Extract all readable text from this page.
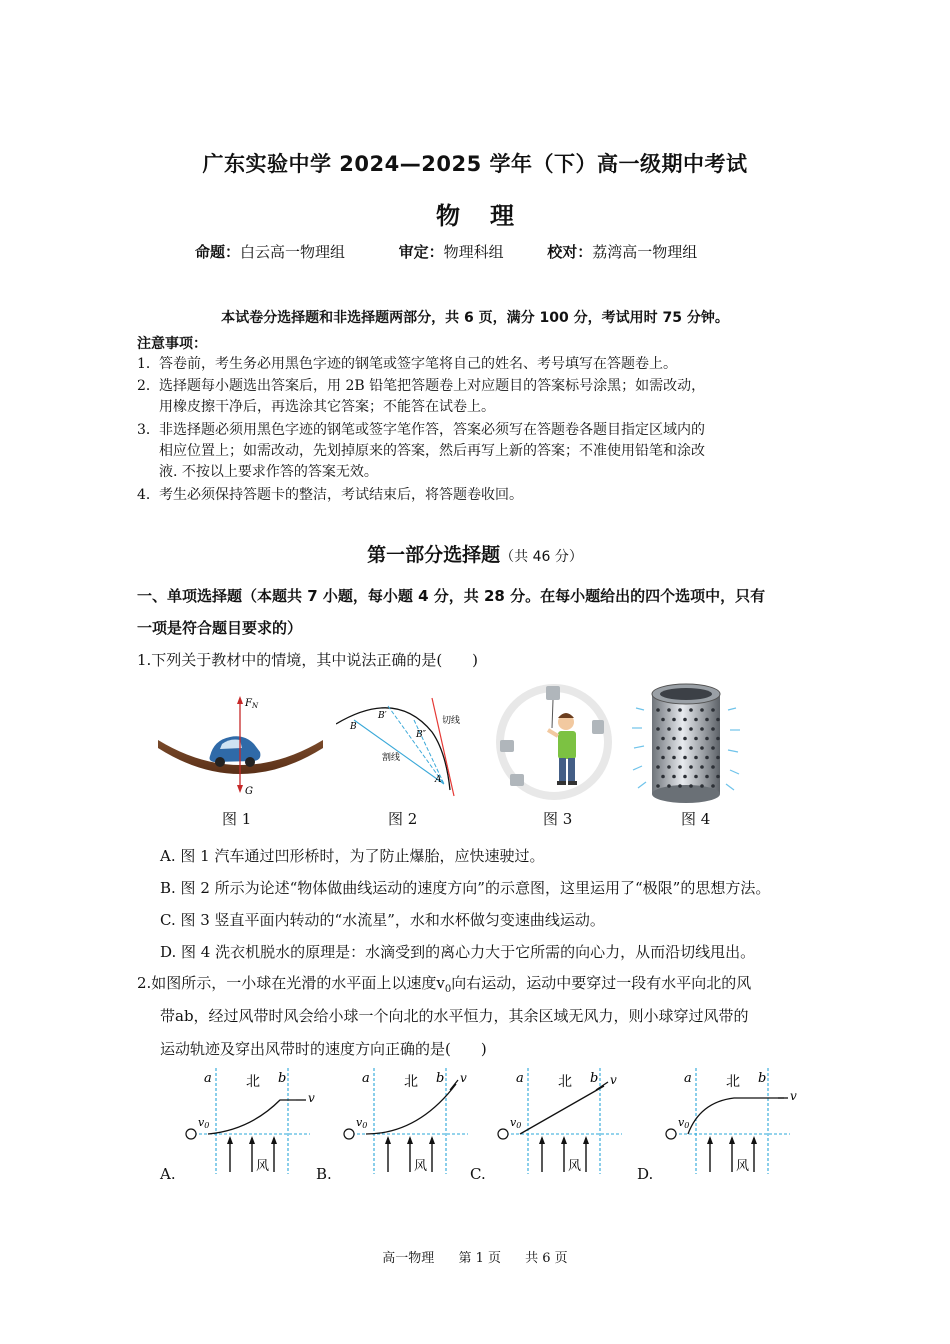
广东实验中学 2024—2025 学年（下）高一级期中考试
物理
命题：白云高一物理组	审定：物理科组	校对：荔湾高一物理组
本试卷分选择题和非选择题两部分，共 6 页，满分 100 分，考试用时 75 分钟。
注意事项：
1．答卷前，考生务必用黑色字迹的钢笔或签字笔将自己的姓名、考号填写在答题卷上。
2．选择题每小题选出答案后，用 2B 铅笔把答题卷上对应题目的答案标号涂黑；如需改动，
用橡皮擦干净后，再选涂其它答案；不能答在试卷上。
3．非选择题必须用黑色字迹的钢笔或签字笔作答，答案必须写在答题卷各题目指定区域内的
相应位置上；如需改动，先划掉原来的答案，然后再写上新的答案；不准使用铅笔和涂改
液. 不按以上要求作答的答案无效。
4．考生必须保持答题卡的整洁，考试结束后，将答题卷收回。
第一部分选择题（共 46 分）
一、单项选择题（本题共 7 小题，每小题 4 分，共 28 分。在每小题给出的四个选项中，只有
一项是符合题目要求的）
1.下列关于教材中的情境，其中说法正确的是(　　)
$F_N$
G
B
B′
B″
A
切线
割线
图 1	图 2	图 3	图 4
A. 图 1 汽车通过凹形桥时，为了防止爆胎，应快速驶过。
B. 图 2 所示为论述“物体做曲线运动的速度方向”的示意图，这里运用了“极限”的思想方法。
C. 图 3 竖直平面内转动的“水流星”，水和水杯做匀变速曲线运动。
D. 图 4 洗衣机脱水的原理是：水滴受到的离心力大于它所需的向心力，从而沿切线甩出。
2.如图所示，一小球在光滑的水平面上以速度$v_0$向右运动，运动中要穿过一段有水平向北的风
带ab，经过风带时风会给小球一个向北的水平恒力，其余区域无风力，则小球穿过风带的
运动轨迹及穿出风带时的速度方向正确的是(　　)
a	b
北
v
v0
风
a	b
北	v
v0
风
a	b
北	v
v0
风
a	b
北
v
v0
风
A.	B.	C.	D.
高一物理 第 1 页 共 6 页
